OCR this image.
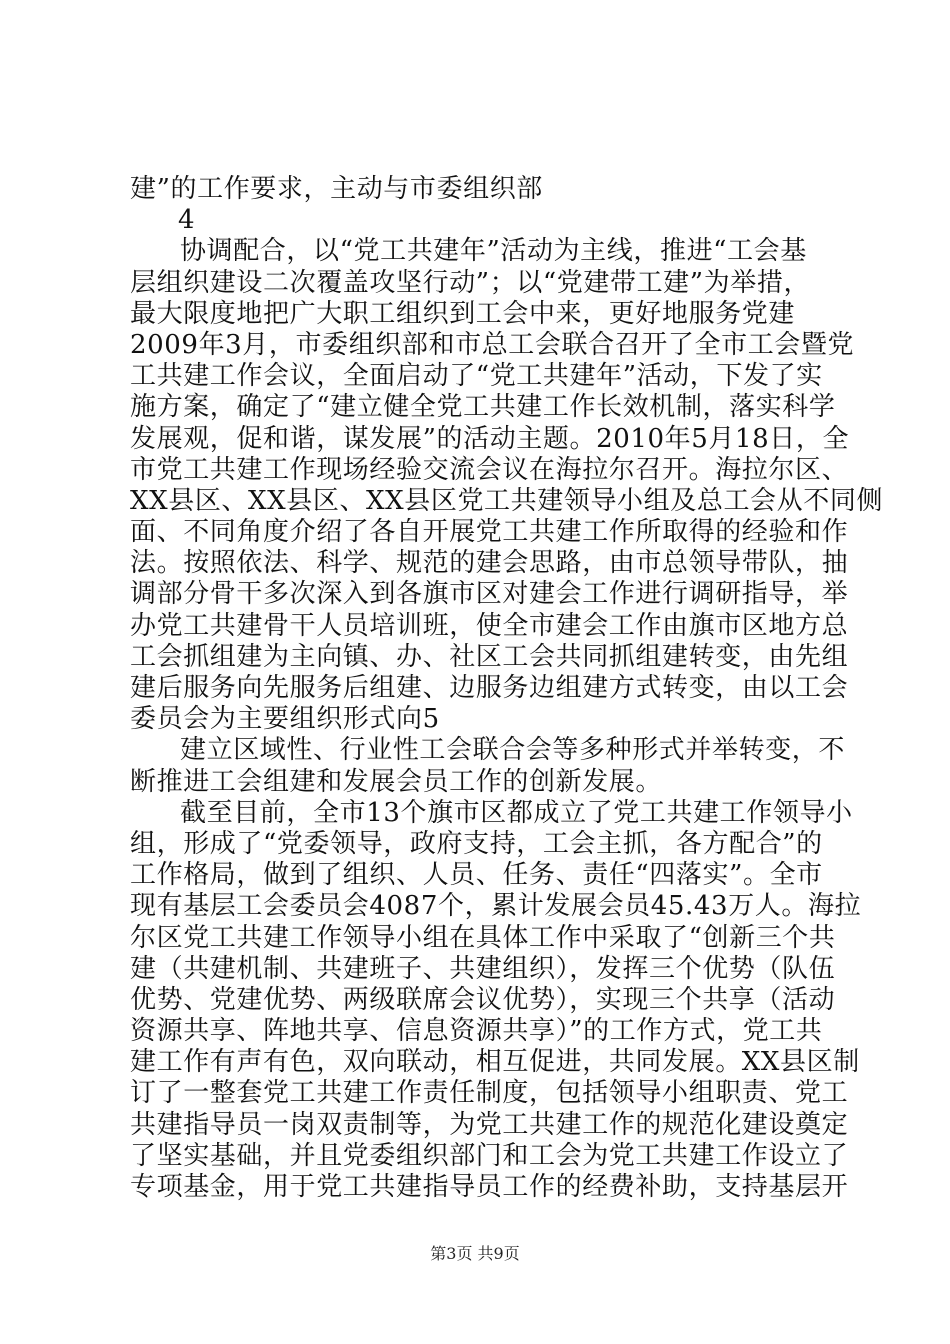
建”的工作要求，主动与市委组织部
4
协调配合，以“党工共建年”活动为主线，推进“工会基
层组织建设二次覆盖攻坚行动”；以“党建带工建”为举措，
最大限度地把广大职工组织到工会中来，更好地服务党建
2009年3月，市委组织部和市总工会联合召开了全市工会暨党
工共建工作会议，全面启动了“党工共建年”活动，下发了实
施方案，确定了“建立健全党工共建工作长效机制，落实科学
发展观，促和谐，谋发展”的活动主题。2010年5月18日，全
市党工共建工作现场经验交流会议在海拉尔召开。海拉尔区、
XX县区、XX县区、XX县区党工共建领导小组及总工会从不同侧
面、不同角度介绍了各自开展党工共建工作所取得的经验和作
法。按照依法、科学、规范的建会思路，由市总领导带队，抽
调部分骨干多次深入到各旗市区对建会工作进行调研指导，举
办党工共建骨干人员培训班，使全市建会工作由旗市区地方总
工会抓组建为主向镇、办、社区工会共同抓组建转变，由先组
建后服务向先服务后组建、边服务边组建方式转变，由以工会
委员会为主要组织形式向5
建立区域性、行业性工会联合会等多种形式并举转变，不
断推进工会组建和发展会员工作的创新发展。
截至目前，全市13个旗市区都成立了党工共建工作领导小
组，形成了“党委领导，政府支持，工会主抓，各方配合”的
工作格局，做到了组织、人员、任务、责任“四落实”。全市
现有基层工会委员会4087个，累计发展会员45.43万人。海拉
尔区党工共建工作领导小组在具体工作中采取了“创新三个共
建（共建机制、共建班子、共建组织），发挥三个优势（队伍
优势、党建优势、两级联席会议优势），实现三个共享（活动
资源共享、阵地共享、信息资源共享）”的工作方式，党工共
建工作有声有色，双向联动，相互促进，共同发展。XX县区制
订了一整套党工共建工作责任制度，包括领导小组职责、党工
共建指导员一岗双责制等，为党工共建工作的规范化建设奠定
了坚实基础，并且党委组织部门和工会为党工共建工作设立了
专项基金，用于党工共建指导员工作的经费补助，支持基层开
第3页 共9页
